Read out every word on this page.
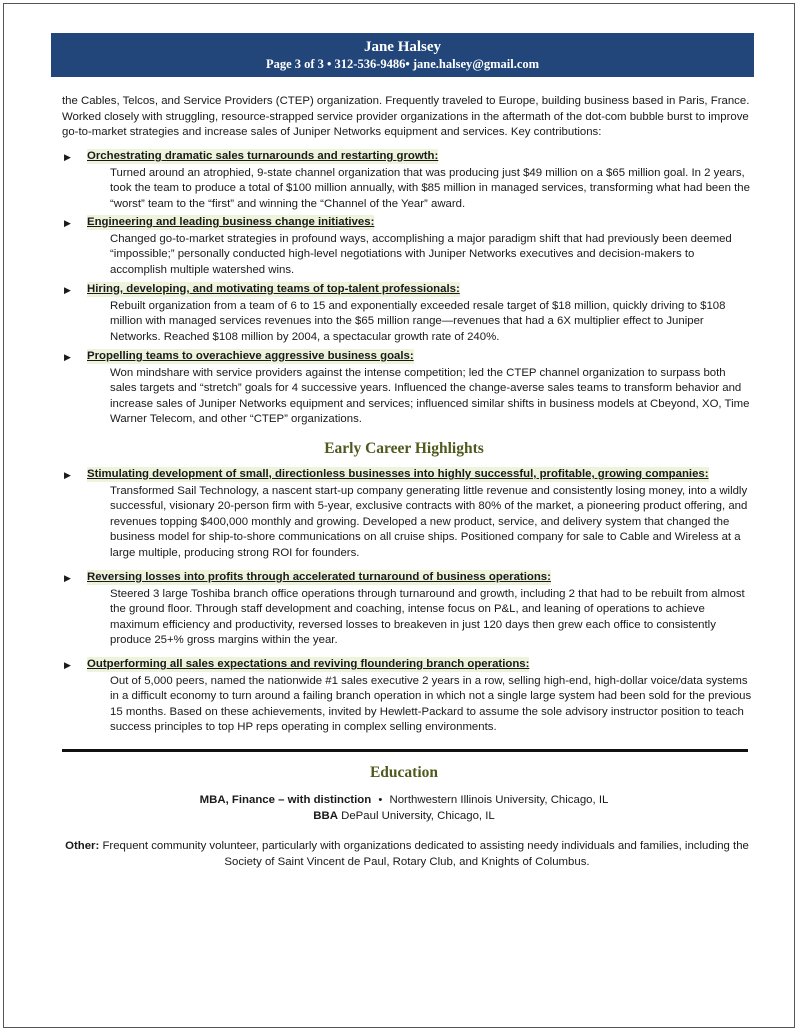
Jane Halsey
Page 3 of 3 • 312-536-9486• jane.halsey@gmail.com
the Cables, Telcos, and Service Providers (CTEP) organization. Frequently traveled to Europe, building business based in Paris, France. Worked closely with struggling, resource-strapped service provider organizations in the aftermath of the dot-com bubble burst to improve go-to-market strategies and increase sales of Juniper Networks equipment and services. Key contributions:
▶ Orchestrating dramatic sales turnarounds and restarting growth:
Turned around an atrophied, 9-state channel organization that was producing just $49 million on a $65 million goal. In 2 years, took the team to produce a total of $100 million annually, with $85 million in managed services, transforming what had been the “worst” team to the “first” and winning the “Channel of the Year” award.
▶ Engineering and leading business change initiatives:
Changed go-to-market strategies in profound ways, accomplishing a major paradigm shift that had previously been deemed “impossible;” personally conducted high-level negotiations with Juniper Networks executives and decision-makers to accomplish multiple watershed wins.
▶ Hiring, developing, and motivating teams of top-talent professionals:
Rebuilt organization from a team of 6 to 15 and exponentially exceeded resale target of $18 million, quickly driving to $108 million with managed services revenues into the $65 million range—revenues that had a 6X multiplier effect to Juniper Networks. Reached $108 million by 2004, a spectacular growth rate of 240%.
▶ Propelling teams to overachieve aggressive business goals:
Won mindshare with service providers against the intense competition; led the CTEP channel organization to surpass both sales targets and “stretch” goals for 4 successive years. Influenced the change-averse sales teams to transform behavior and increase sales of Juniper Networks equipment and services; influenced similar shifts in business models at Cbeyond, XO, Time Warner Telecom, and other “CTEP” organizations.
Early Career Highlights
▶ Stimulating development of small, directionless businesses into highly successful, profitable, growing companies:
Transformed Sail Technology, a nascent start-up company generating little revenue and consistently losing money, into a wildly successful, visionary 20-person firm with 5-year, exclusive contracts with 80% of the market, a pioneering product offering, and revenues topping $400,000 monthly and growing. Developed a new product, service, and delivery system that changed the business model for ship-to-shore communications on all cruise ships. Positioned company for sale to Cable and Wireless at a large multiple, producing strong ROI for founders.
▶ Reversing losses into profits through accelerated turnaround of business operations:
Steered 3 large Toshiba branch office operations through turnaround and growth, including 2 that had to be rebuilt from almost the ground floor. Through staff development and coaching, intense focus on P&L, and leaning of operations to achieve maximum efficiency and productivity, reversed losses to breakeven in just 120 days then grew each office to consistently produce 25+% gross margins within the year.
▶ Outperforming all sales expectations and reviving floundering branch operations:
Out of 5,000 peers, named the nationwide #1 sales executive 2 years in a row, selling high-end, high-dollar voice/data systems in a difficult economy to turn around a failing branch operation in which not a single large system had been sold for the previous 15 months. Based on these achievements, invited by Hewlett-Packard to assume the sole advisory instructor position to teach success principles to top HP reps operating in complex selling environments.
Education
MBA, Finance – with distinction • Northwestern Illinois University, Chicago, IL
BBA DePaul University, Chicago, IL
Other: Frequent community volunteer, particularly with organizations dedicated to assisting needy individuals and families, including the Society of Saint Vincent de Paul, Rotary Club, and Knights of Columbus.
